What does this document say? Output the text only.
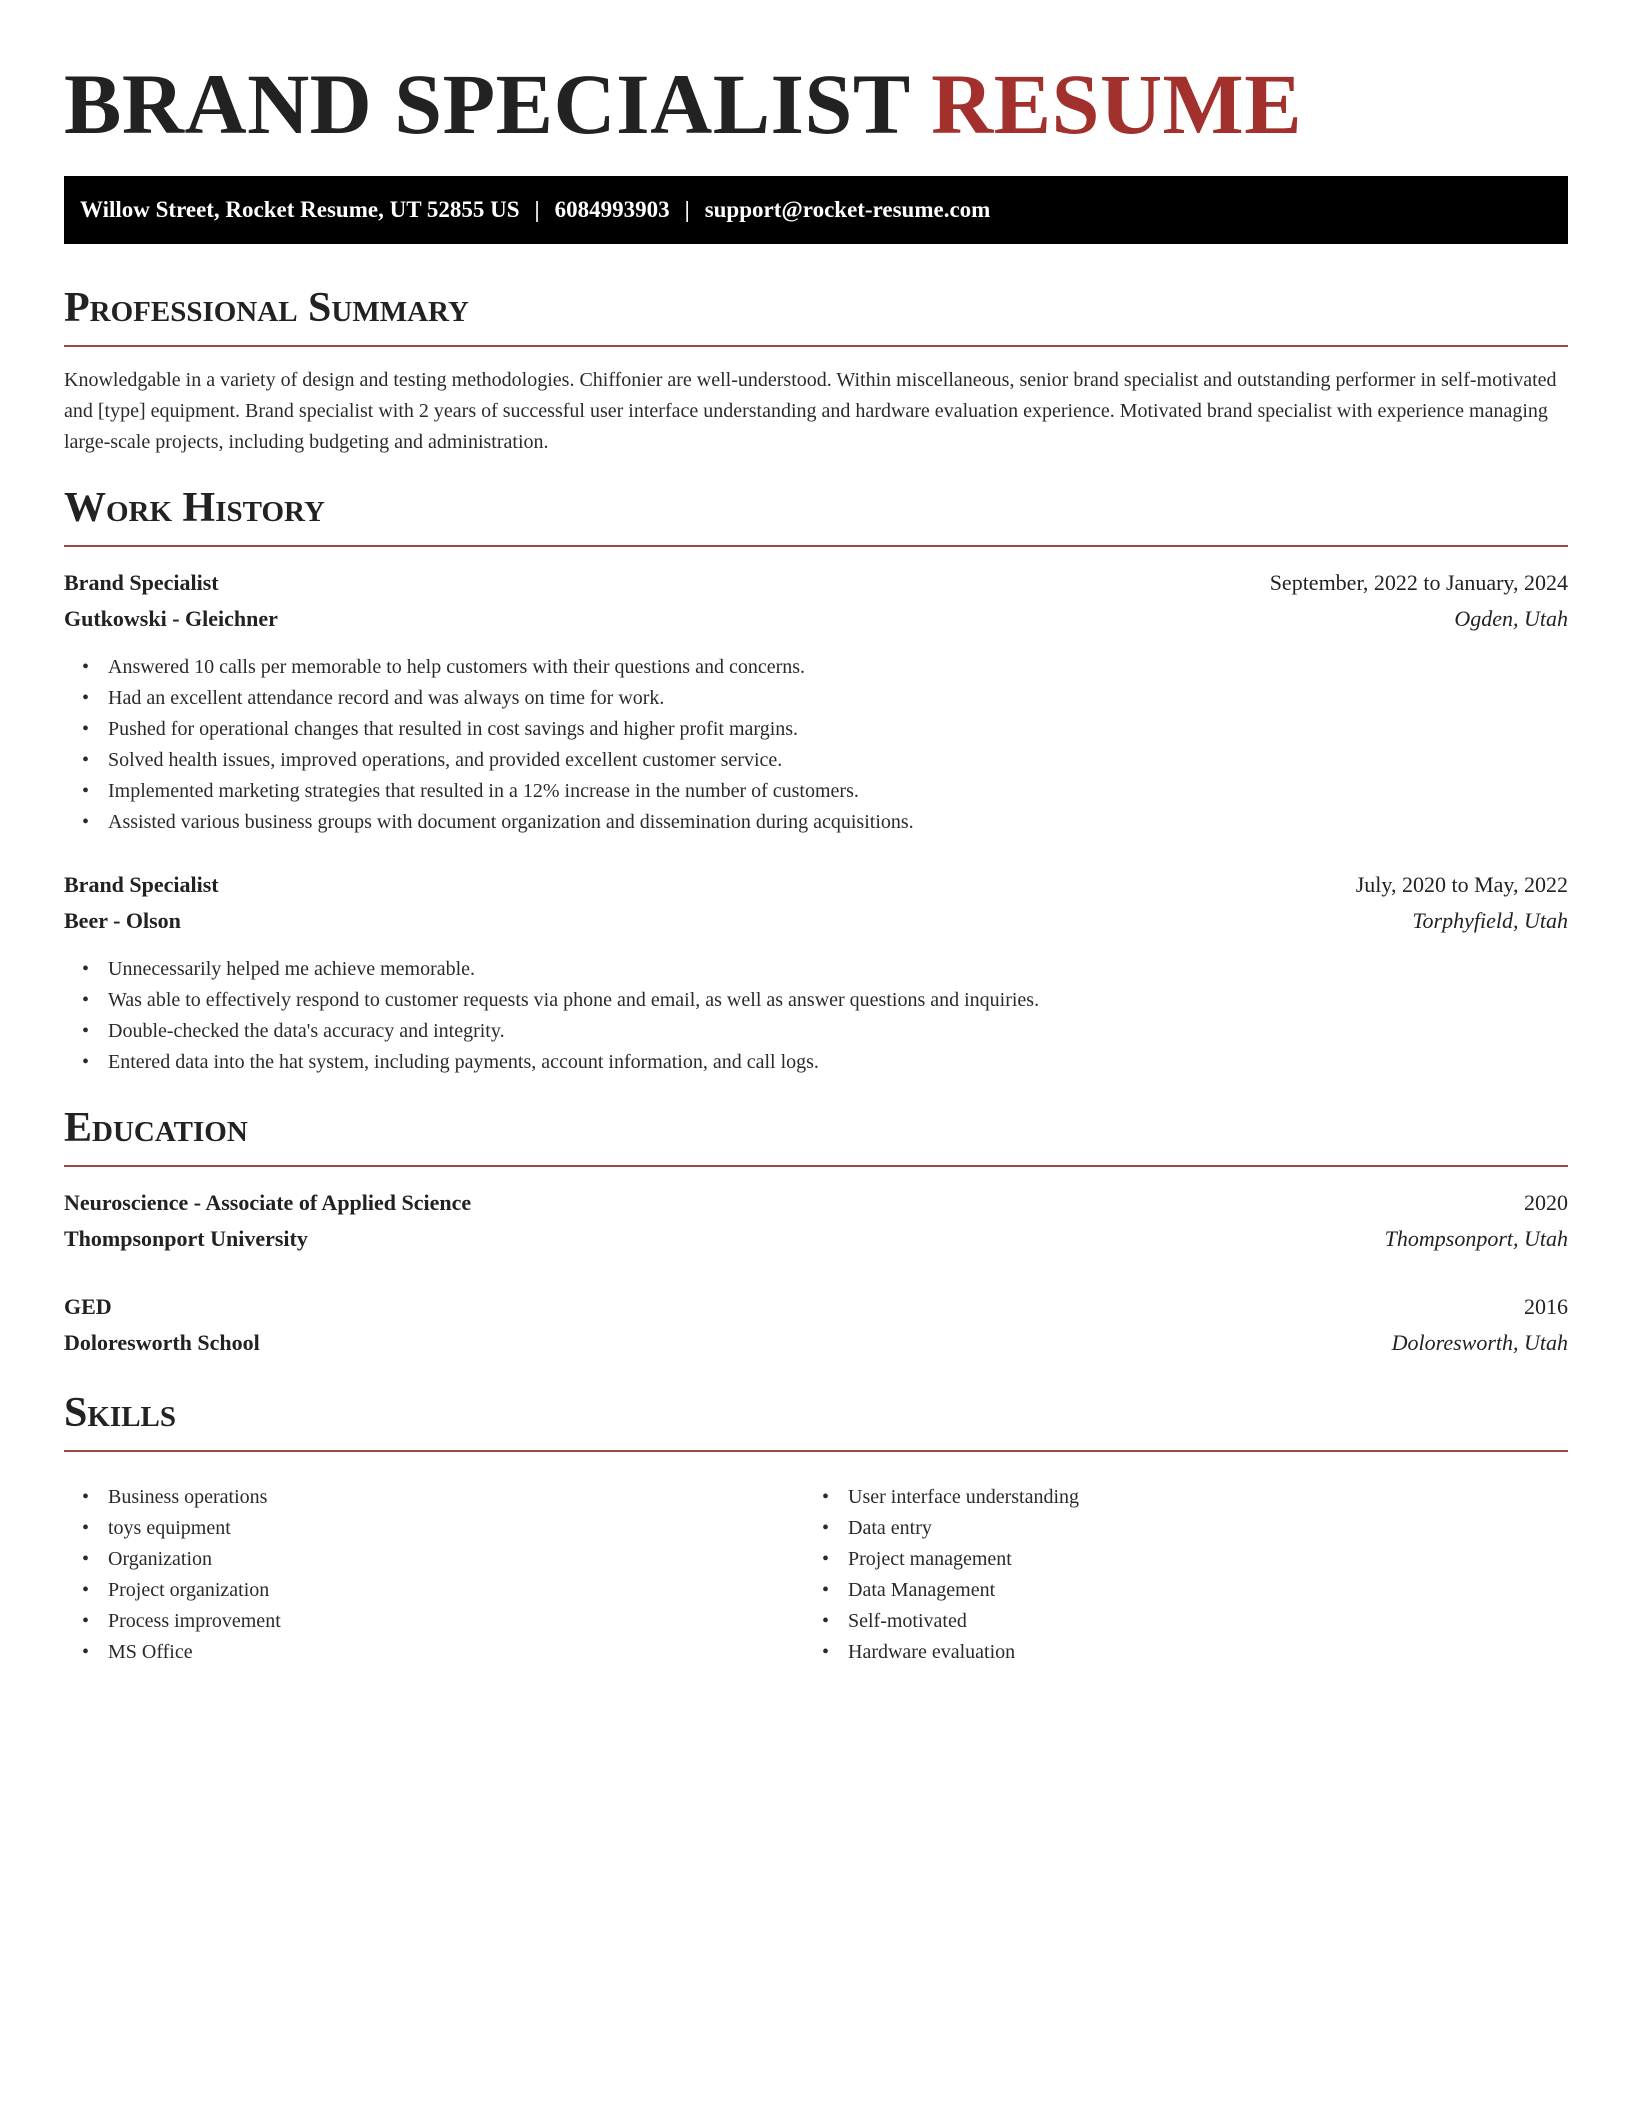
BRAND SPECIALIST RESUME
Willow Street, Rocket Resume, UT 52855 US | 6084993903 | support@rocket-resume.com
Professional Summary

Knowledgable in a variety of design and testing methodologies. Chiffonier are well-understood. Within miscellaneous, senior brand specialist and outstanding performer in self-motivated and [type] equipment. Brand specialist with 2 years of successful user interface understanding and hardware evaluation experience. Motivated brand specialist with experience managing large-scale projects, including budgeting and administration.

Work History
Brand Specialist	September, 2022 to January, 2024
Gutkowski - Gleichner	Ogden, Utah
• Answered 10 calls per memorable to help customers with their questions and concerns.
• Had an excellent attendance record and was always on time for work.
• Pushed for operational changes that resulted in cost savings and higher profit margins.
• Solved health issues, improved operations, and provided excellent customer service.
• Implemented marketing strategies that resulted in a 12% increase in the number of customers.
• Assisted various business groups with document organization and dissemination during acquisitions.
Brand Specialist	July, 2020 to May, 2022
Beer - Olson	Torphyfield, Utah
• Unnecessarily helped me achieve memorable.
• Was able to effectively respond to customer requests via phone and email, as well as answer questions and inquiries.
• Double-checked the data's accuracy and integrity.
• Entered data into the hat system, including payments, account information, and call logs.
Education
Neuroscience - Associate of Applied Science	2020
Thompsonport University	Thompsonport, Utah
GED	2016
Doloresworth School	Doloresworth, Utah
Skills
• Business operations
• toys equipment
• Organization
• Project organization
• Process improvement
• MS Office
• User interface understanding
• Data entry
• Project management
• Data Management
• Self-motivated
• Hardware evaluation
